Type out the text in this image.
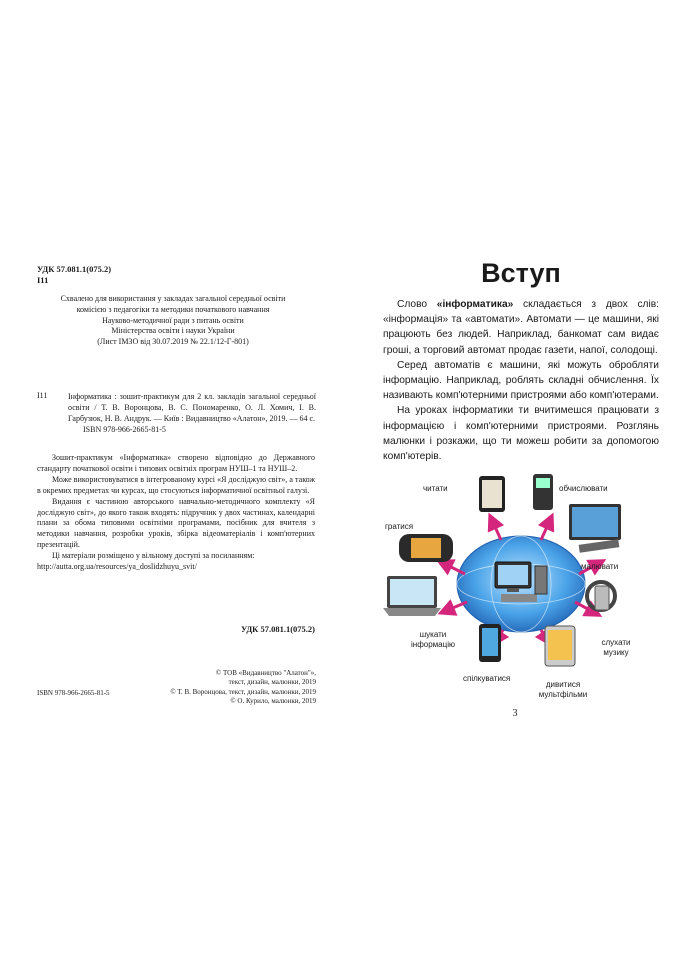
УДК 57.081.1(075.2)
І11
Схвалено для використання у закладах загальної середньої освіти
комісією з педагогіки та методики початкового навчання
Науково-методичної ради з питань освіти
Міністерства освіти і науки України
(Лист ІМЗО від 30.07.2019 № 22.1/12-Г-801)
І11	Інформатика : зошит-практикум для 2 кл. закладів загальної середньої освіти / Т. В. Воронцова, В. С. Пономаренко, О. Л. Хомич, І. В. Гарбузюк, Н. В. Андрук. — Київ : Видавництво «Алатон», 2019. — 64 с.
ISBN 978-966-2665-81-5

Зошит-практикум «Інформатика» створено відповідно до Державного стандарту початкової освіти і типових освітніх програм НУШ–1 та НУШ–2.

Може використовуватися в інтегрованому курсі «Я досліджую світ», а також в окремих предметах чи курсах, що стосуються інформатичної освітньої галузі.

Видання є частиною авторського навчально-методичного комплекту «Я досліджую світ», до якого також входять: підручник у двох частинах, календарні плани за обома типовими освітніми програмами, посібник для вчителя з методики навчання, розробки уроків, збірка відеоматеріалів і комп'ютерних презентацій.

Ці матеріали розміщено у вільному доступі за посиланням:

http://autta.org.ua/resources/ya_doslidzhuyu_svit/

УДК 57.081.1(075.2)
© ТОВ «Видавництво "Алатон"»,
текст, дизайн, малюнки, 2019
© Т. В. Воронцова, текст, дизайн, малюнки, 2019
© О. Курило, малюнки, 2019
ISBN 978-966-2665-81-5
Вступ

Слово «інформатика» складається з двох слів: «інформація» та «автомати». Автомати — це машини, які працюють без людей. Наприклад, банкомат сам видає гроші, а торговий автомат продає газети, напої, солодощі.

Серед автоматів є машини, які можуть обробляти інформацію. Наприклад, роблять складні обчислення. Їх називають комп'ютерними пристроями або комп'ютерами.

На уроках інформатики ти вчитимешся працювати з інформацією і комп'ютерними пристроями. Розглянь малюнки і розкажи, що ти можеш робити за допомогою комп'ютерів.

читати	обчислювати
гратися
малювати
шукати інформацію	слухати музику
спілкуватися
дивитися мультфільми
3
